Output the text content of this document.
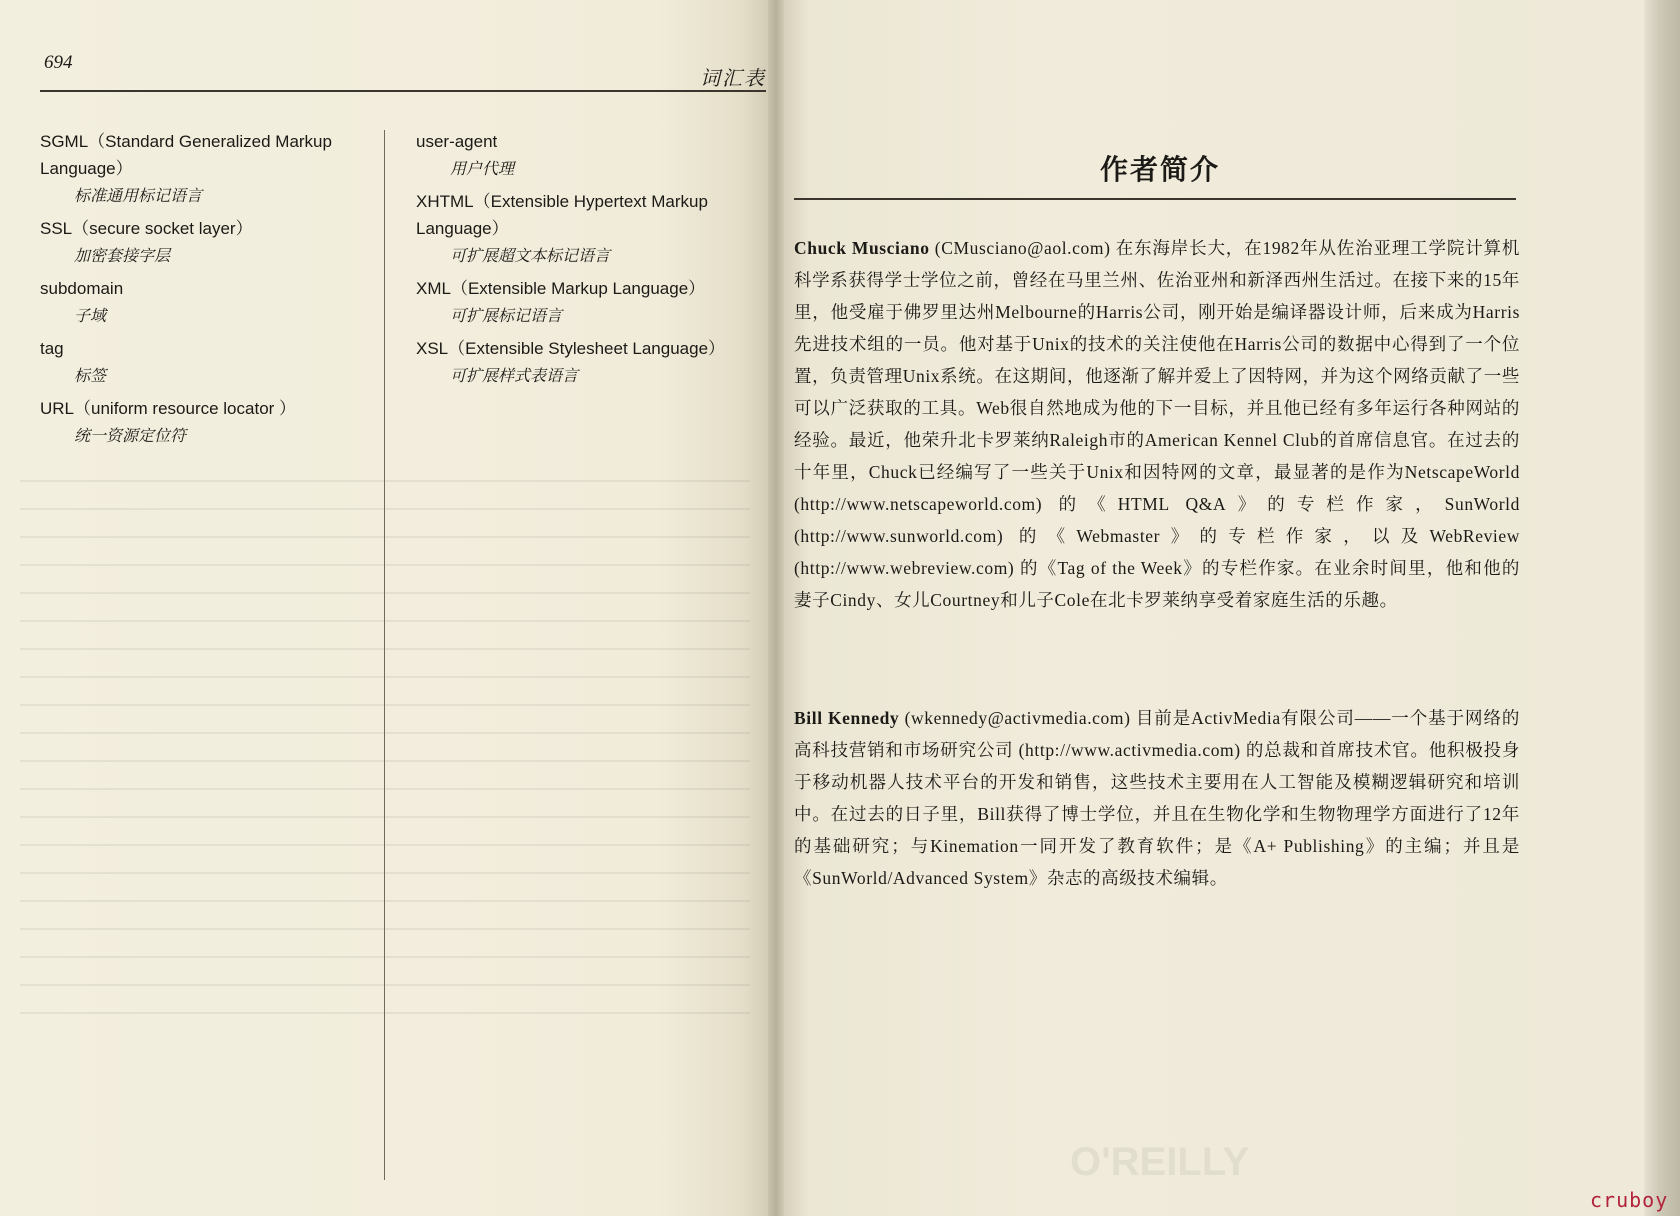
694
词汇表
SGML（Standard Generalized Markup Language）
标准通用标记语言
SSL（secure socket layer）
加密套接字层
subdomain
子域
tag
标签
URL（uniform resource locator ）
统一资源定位符
user-agent
用户代理
XHTML（Extensible Hypertext Markup Language）
可扩展超文本标记语言
XML（Extensible Markup Language）
可扩展标记语言
XSL（Extensible Stylesheet Language）
可扩展样式表语言
作者简介
Chuck Musciano (CMusciano@aol.com) 在东海岸长大，在1982年从佐治亚理工学院计算机科学系获得学士学位之前，曾经在马里兰州、佐治亚州和新泽西州生活过。在接下来的15年里，他受雇于佛罗里达州Melbourne的Harris公司，刚开始是编译器设计师，后来成为Harris先进技术组的一员。他对基于Unix的技术的关注使他在Harris公司的数据中心得到了一个位置，负责管理Unix系统。在这期间，他逐渐了解并爱上了因特网，并为这个网络贡献了一些可以广泛获取的工具。Web很自然地成为他的下一目标，并且他已经有多年运行各种网站的经验。最近，他荣升北卡罗莱纳Raleigh市的American Kennel Club的首席信息官。在过去的十年里，Chuck已经编写了一些关于Unix和因特网的文章，最显著的是作为NetscapeWorld (http://www.netscapeworld.com) 的《HTML Q&A》的专栏作家，SunWorld (http://www.sunworld.com) 的《Webmaster》的专栏作家，以及WebReview (http://www.webreview.com) 的《Tag of the Week》的专栏作家。在业余时间里，他和他的妻子Cindy、女儿Courtney和儿子Cole在北卡罗莱纳享受着家庭生活的乐趣。
Bill Kennedy (wkennedy@activmedia.com) 目前是ActivMedia有限公司——一个基于网络的高科技营销和市场研究公司 (http://www.activmedia.com) 的总裁和首席技术官。他积极投身于移动机器人技术平台的开发和销售，这些技术主要用在人工智能及模糊逻辑研究和培训中。在过去的日子里，Bill获得了博士学位，并且在生物化学和生物物理学方面进行了12年的基础研究；与Kinemation一同开发了教育软件；是《A+ Publishing》的主编；并且是《SunWorld/Advanced System》杂志的高级技术编辑。
O'REILLY
cruboy
